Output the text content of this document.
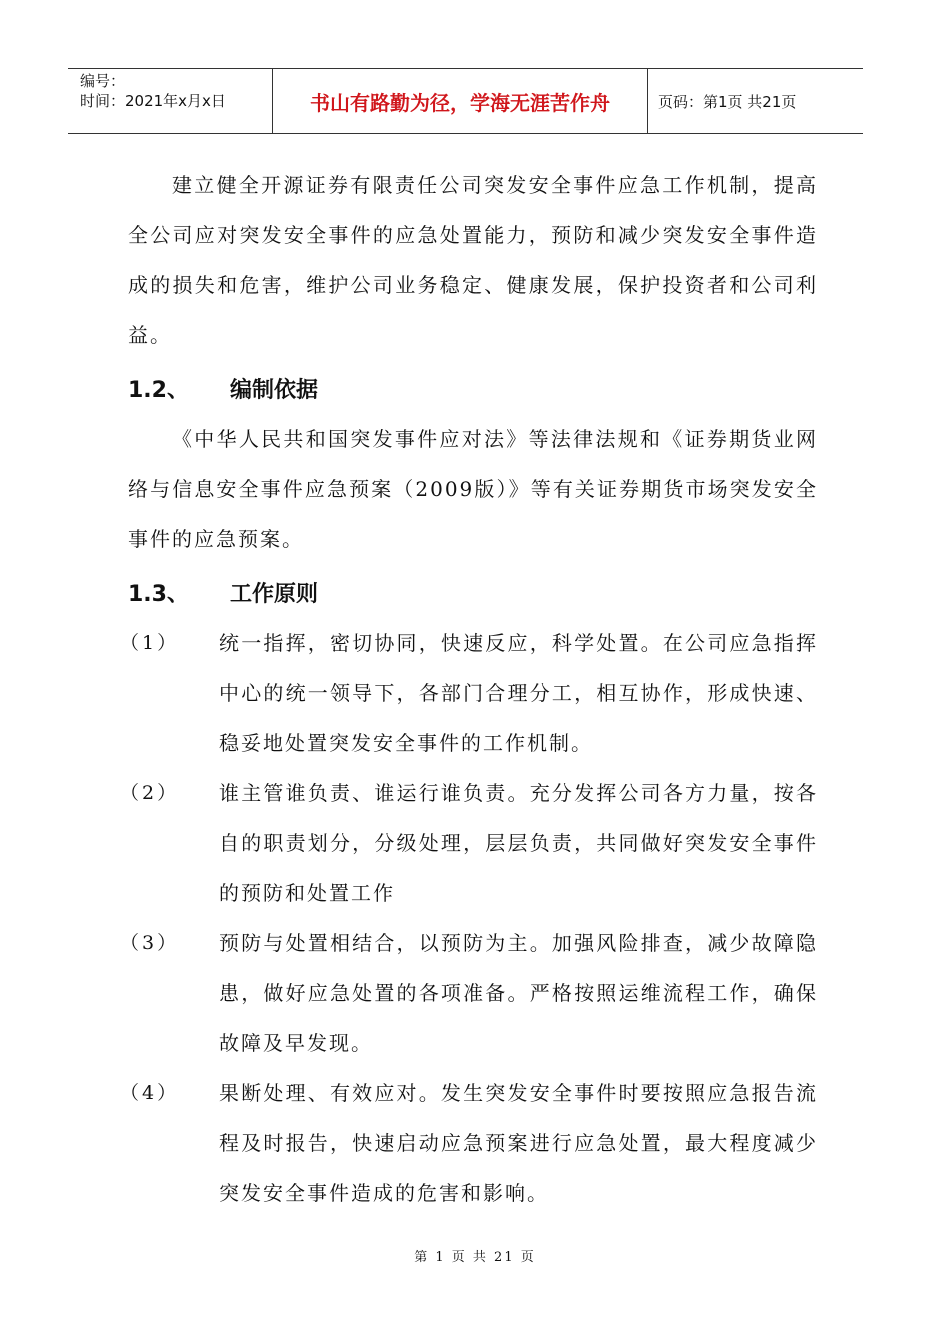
编号：
时间：2021年x月x日	书山有路勤为径，学海无涯苦作舟	页码：第1页 共21页

建立健全开源证券有限责任公司突发安全事件应急工作机制，提高全公司应对突发安全事件的应急处置能力，预防和减少突发安全事件造成的损失和危害，维护公司业务稳定、健康发展，保护投资者和公司利益。

1.2、	编制依据

《中华人民共和国突发事件应对法》等法律法规和《证券期货业网络与信息安全事件应急预案（2009版）》等有关证券期货市场突发安全事件的应急预案。

1.3、	工作原则
（1）	统一指挥，密切协同，快速反应，科学处置。在公司应急指挥中心的统一领导下，各部门合理分工，相互协作，形成快速、稳妥地处置突发安全事件的工作机制。

（2）	谁主管谁负责、谁运行谁负责。充分发挥公司各方力量，按各自的职责划分，分级处理，层层负责，共同做好突发安全事件的预防和处置工作

（3）	预防与处置相结合，以预防为主。加强风险排查，减少故障隐患，做好应急处置的各项准备。严格按照运维流程工作，确保故障及早发现。

（4）	果断处理、有效应对。发生突发安全事件时要按照应急报告流程及时报告，快速启动应急预案进行应急处置，最大程度减少突发安全事件造成的危害和影响。

第 1 页 共 21 页
